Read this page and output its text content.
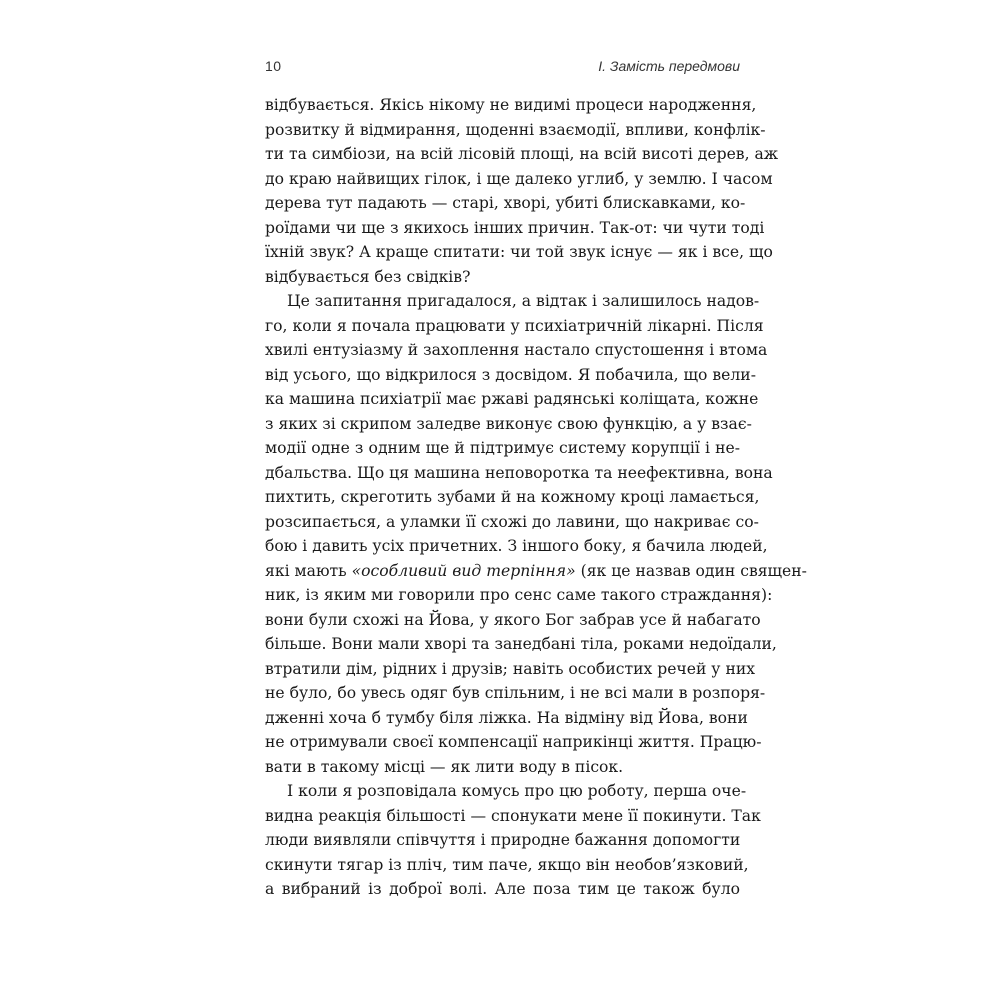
10	І. Замість передмови
відбувається. Якісь нікому не видимі процеси народження,
розвитку й відмирання, щоденні взаємодії, впливи, конфлік-
ти та симбіози, на всій лісовій площі, на всій висоті дерев, аж
до краю найвищих гілок, і ще далеко углиб, у землю. І часом
дерева тут падають — старі, хворі, убиті блискавками, ко-
роїдами чи ще з якихось інших причин. Так-от: чи чути тоді
їхній звук? А краще спитати: чи той звук існує — як і все, що
відбувається без свідків?
Це запитання пригадалося, а відтак і залишилось надов-
го, коли я почала працювати у психіатричній лікарні. Після
хвилі ентузіазму й захоплення настало спустошення і втома
від усього, що відкрилося з досвідом. Я побачила, що вели-
ка машина психіатрії має ржаві радянські коліщата, кожне
з яких зі скрипом заледве виконує свою функцію, а у взає-
модії одне з одним ще й підтримує систему корупції і не-
дбальства. Що ця машина неповоротка та неефективна, вона
пихтить, скреготить зубами й на кожному кроці ламається,
розсипається, а уламки її схожі до лавини, що накриває со-
бою і давить усіх причетних. З іншого боку, я бачила людей,
які мають «особливий вид терпіння» (як це назвав один священ-
ник, із яким ми говорили про сенс саме такого страждання):
вони були схожі на Йова, у якого Бог забрав усе й набагато
більше. Вони мали хворі та занедбані тіла, роками недоїдали,
втратили дім, рідних і друзів; навіть особистих речей у них
не було, бо увесь одяг був спільним, і не всі мали в розпоря-
дженні хоча б тумбу біля ліжка. На відміну від Йова, вони
не отримували своєї компенсації наприкінці життя. Працю-
вати в такому місці — як лити воду в пісок.
І коли я розповідала комусь про цю роботу, перша оче-
видна реакція більшості — спонукати мене її покинути. Так
люди виявляли співчуття і природне бажання допомогти
скинути тягар із пліч, тим паче, якщо він необов’язковий,
а вибраний із доброї волі. Але поза тим це також було
